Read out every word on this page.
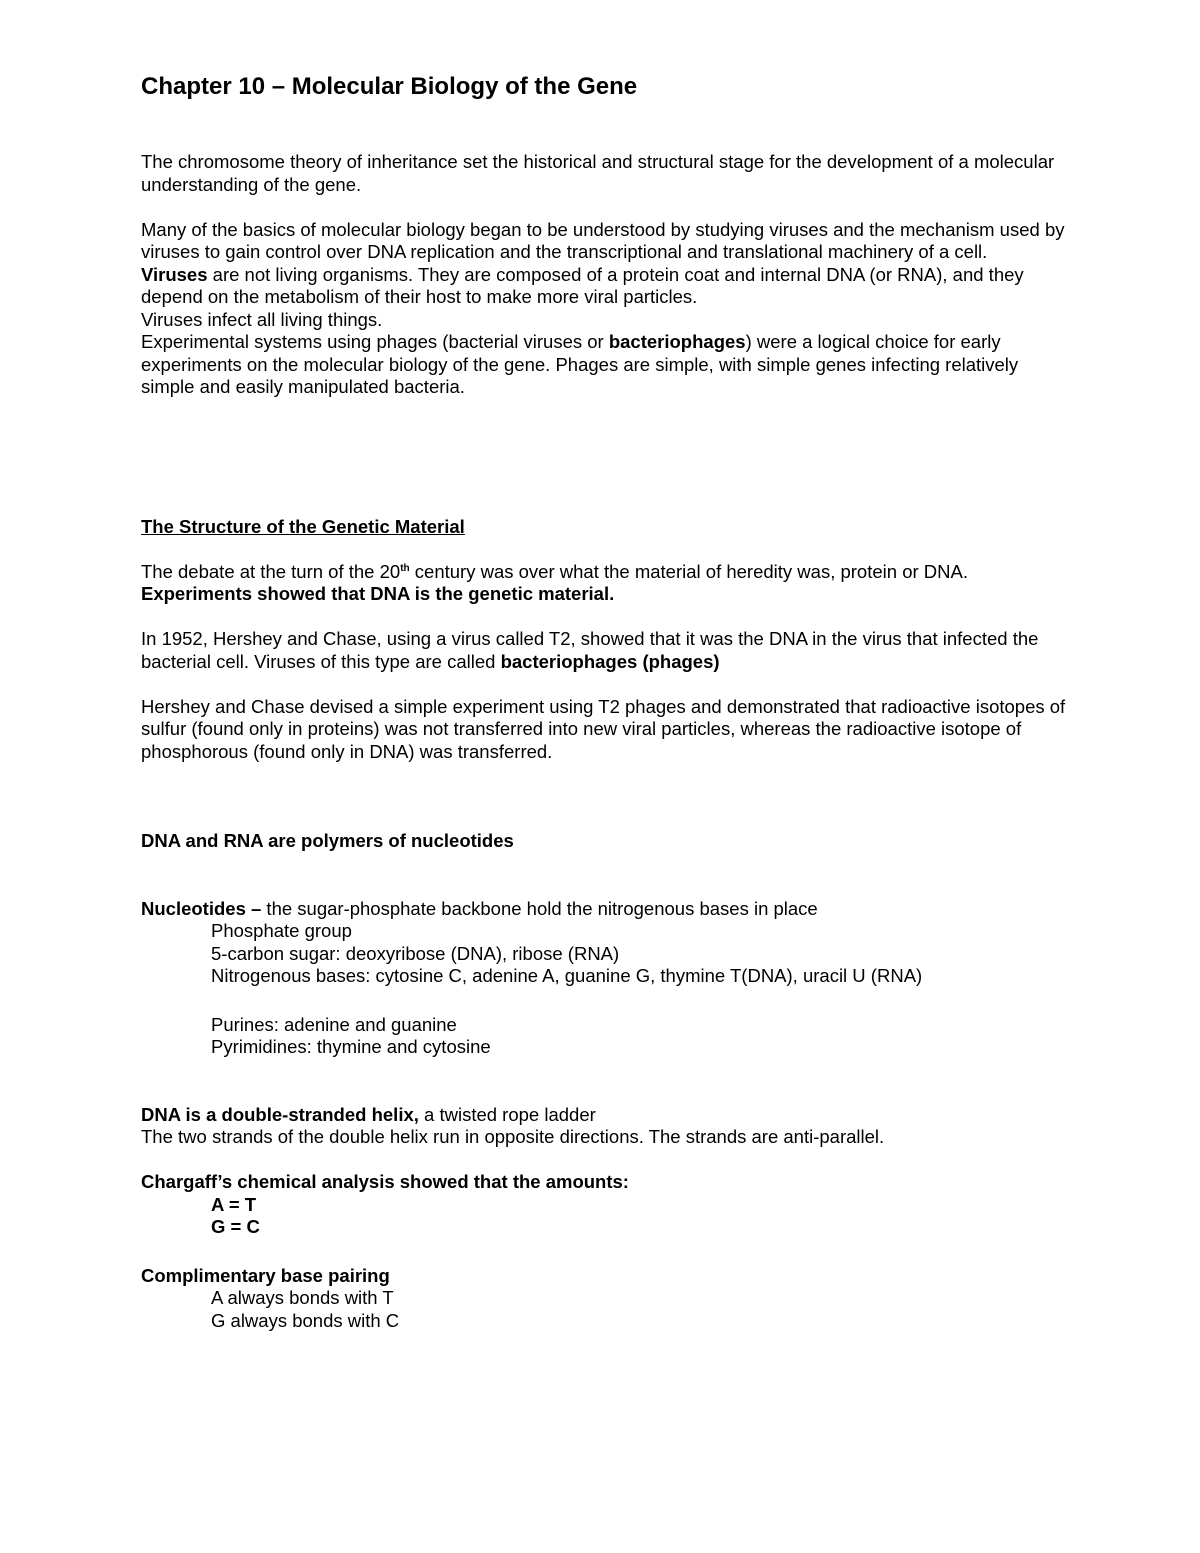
Chapter 10 – Molecular Biology of the Gene
The chromosome theory of inheritance set the historical and structural stage for the development of a molecular
understanding of the gene.
Many of the basics of molecular biology began to be understood by studying viruses and the mechanism used by
viruses to gain control over DNA replication and the transcriptional and translational machinery of a cell.
Viruses are not living organisms. They are composed of a protein coat and internal DNA (or RNA), and they
depend on the metabolism of their host to make more viral particles.
Viruses infect all living things.
Experimental systems using phages (bacterial viruses or bacteriophages) were a logical choice for early
experiments on the molecular biology of the gene. Phages are simple, with simple genes infecting relatively
simple and easily manipulated bacteria.
The Structure of the Genetic Material
The debate at the turn of the 20th century was over what the material of heredity was, protein or DNA.
Experiments showed that DNA is the genetic material.
In 1952, Hershey and Chase, using a virus called T2, showed that it was the DNA in the virus that infected the
bacterial cell. Viruses of this type are called bacteriophages (phages)
Hershey and Chase devised a simple experiment using T2 phages and demonstrated that radioactive isotopes of
sulfur (found only in proteins) was not transferred into new viral particles, whereas the radioactive isotope of
phosphorous (found only in DNA) was transferred.
DNA and RNA are polymers of nucleotides
Nucleotides – the sugar-phosphate backbone hold the nitrogenous bases in place
Phosphate group
5-carbon sugar: deoxyribose (DNA), ribose (RNA)
Nitrogenous bases: cytosine C, adenine A, guanine G, thymine T(DNA), uracil U (RNA)
Purines: adenine and guanine
Pyrimidines: thymine and cytosine
DNA is a double-stranded helix, a twisted rope ladder
The two strands of the double helix run in opposite directions. The strands are anti-parallel.
Chargaff’s chemical analysis showed that the amounts:
A = T
G = C
Complimentary base pairing
A always bonds with T
G always bonds with C
